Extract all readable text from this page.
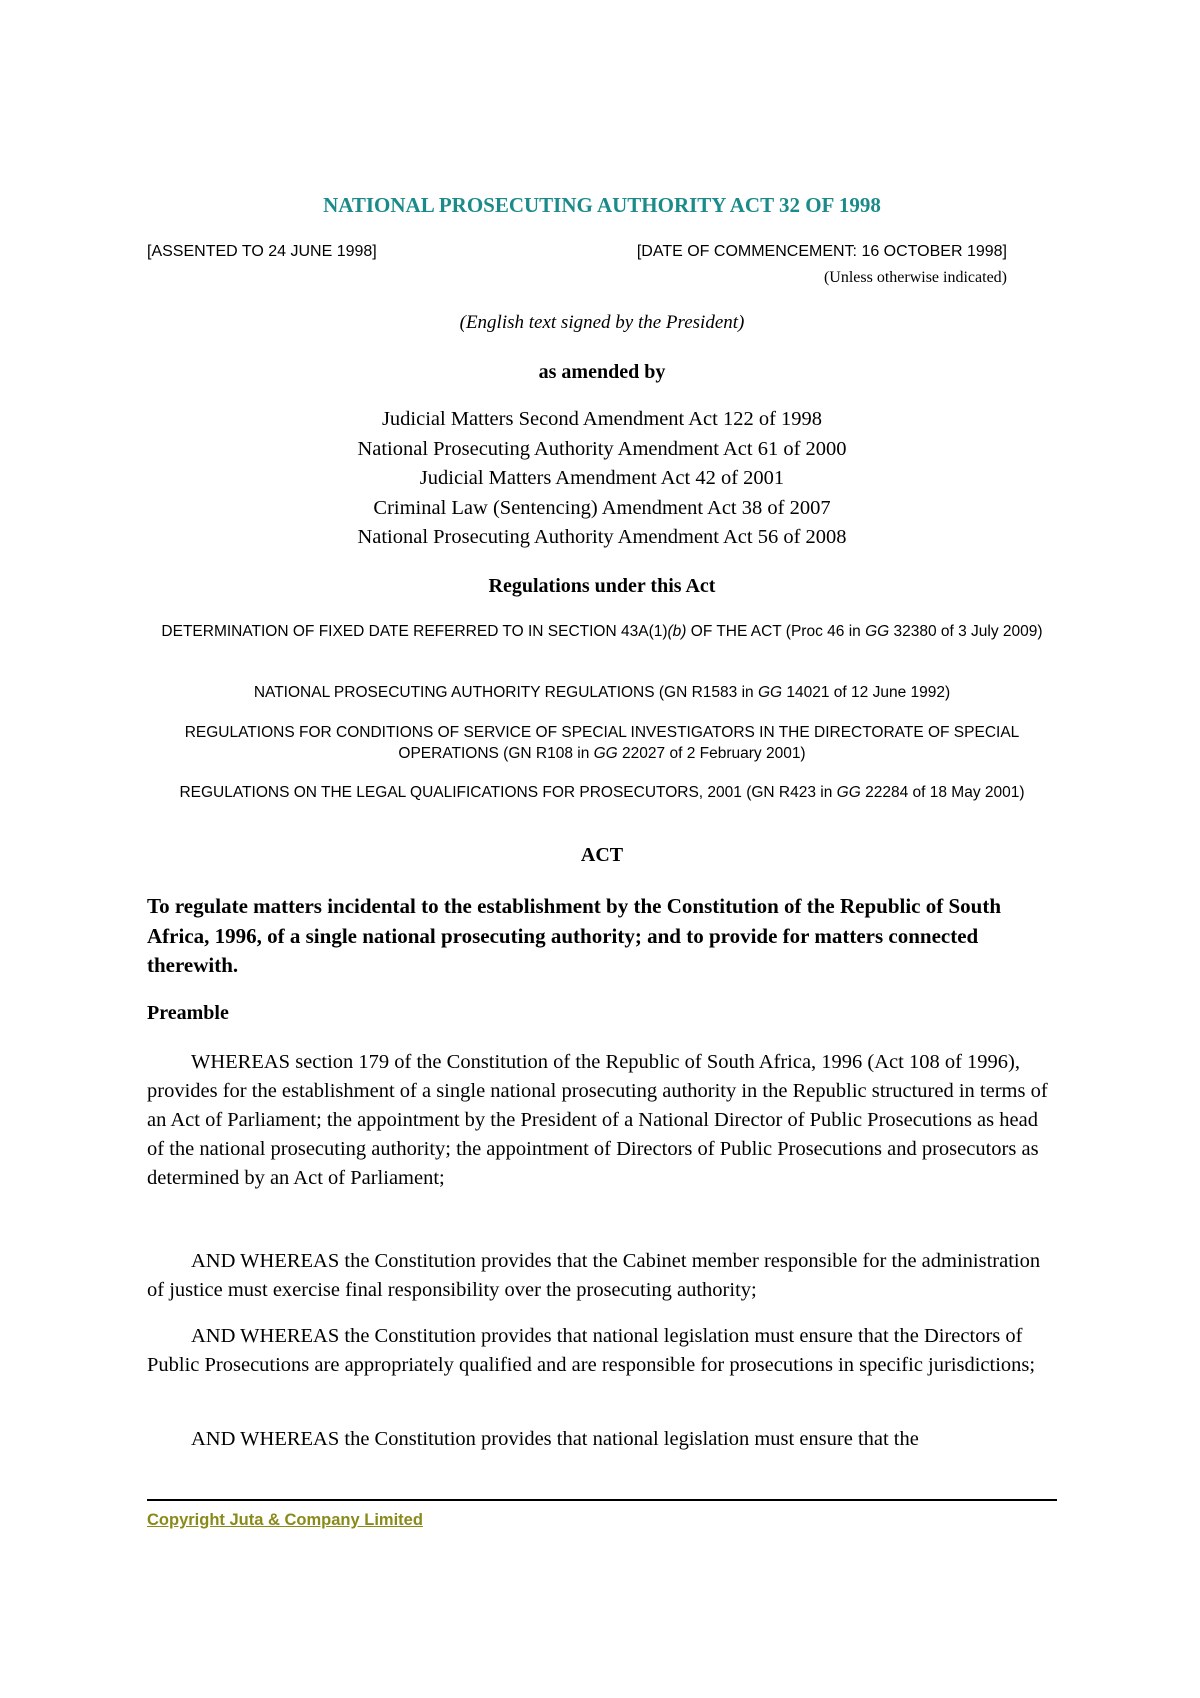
NATIONAL PROSECUTING AUTHORITY ACT 32 OF 1998
[ASSENTED TO 24 JUNE 1998]	[DATE OF COMMENCEMENT: 16 OCTOBER 1998]
(Unless otherwise indicated)
(English text signed by the President)
as amended by
Judicial Matters Second Amendment Act 122 of 1998
National Prosecuting Authority Amendment Act 61 of 2000
Judicial Matters Amendment Act 42 of 2001
Criminal Law (Sentencing) Amendment Act 38 of 2007
National Prosecuting Authority Amendment Act 56 of 2008
Regulations under this Act
DETERMINATION OF FIXED DATE REFERRED TO IN SECTION 43A(1)(b) OF THE ACT (Proc 46 in GG 32380 of 3 July 2009)
NATIONAL PROSECUTING AUTHORITY REGULATIONS (GN R1583 in GG 14021 of 12 June 1992)
REGULATIONS FOR CONDITIONS OF SERVICE OF SPECIAL INVESTIGATORS IN THE DIRECTORATE OF SPECIAL OPERATIONS (GN R108 in GG 22027 of 2 February 2001)
REGULATIONS ON THE LEGAL QUALIFICATIONS FOR PROSECUTORS, 2001 (GN R423 in GG 22284 of 18 May 2001)
ACT
To regulate matters incidental to the establishment by the Constitution of the Republic of South Africa, 1996, of a single national prosecuting authority; and to provide for matters connected therewith.
Preamble
WHEREAS section 179 of the Constitution of the Republic of South Africa, 1996 (Act 108 of 1996), provides for the establishment of a single national prosecuting authority in the Republic structured in terms of an Act of Parliament; the appointment by the President of a National Director of Public Prosecutions as head of the national prosecuting authority; the appointment of Directors of Public Prosecutions and prosecutors as determined by an Act of Parliament;
AND WHEREAS the Constitution provides that the Cabinet member responsible for the administration of justice must exercise final responsibility over the prosecuting authority;
AND WHEREAS the Constitution provides that national legislation must ensure that the Directors of Public Prosecutions are appropriately qualified and are responsible for prosecutions in specific jurisdictions;
AND WHEREAS the Constitution provides that national legislation must ensure that the
Copyright Juta & Company Limited
